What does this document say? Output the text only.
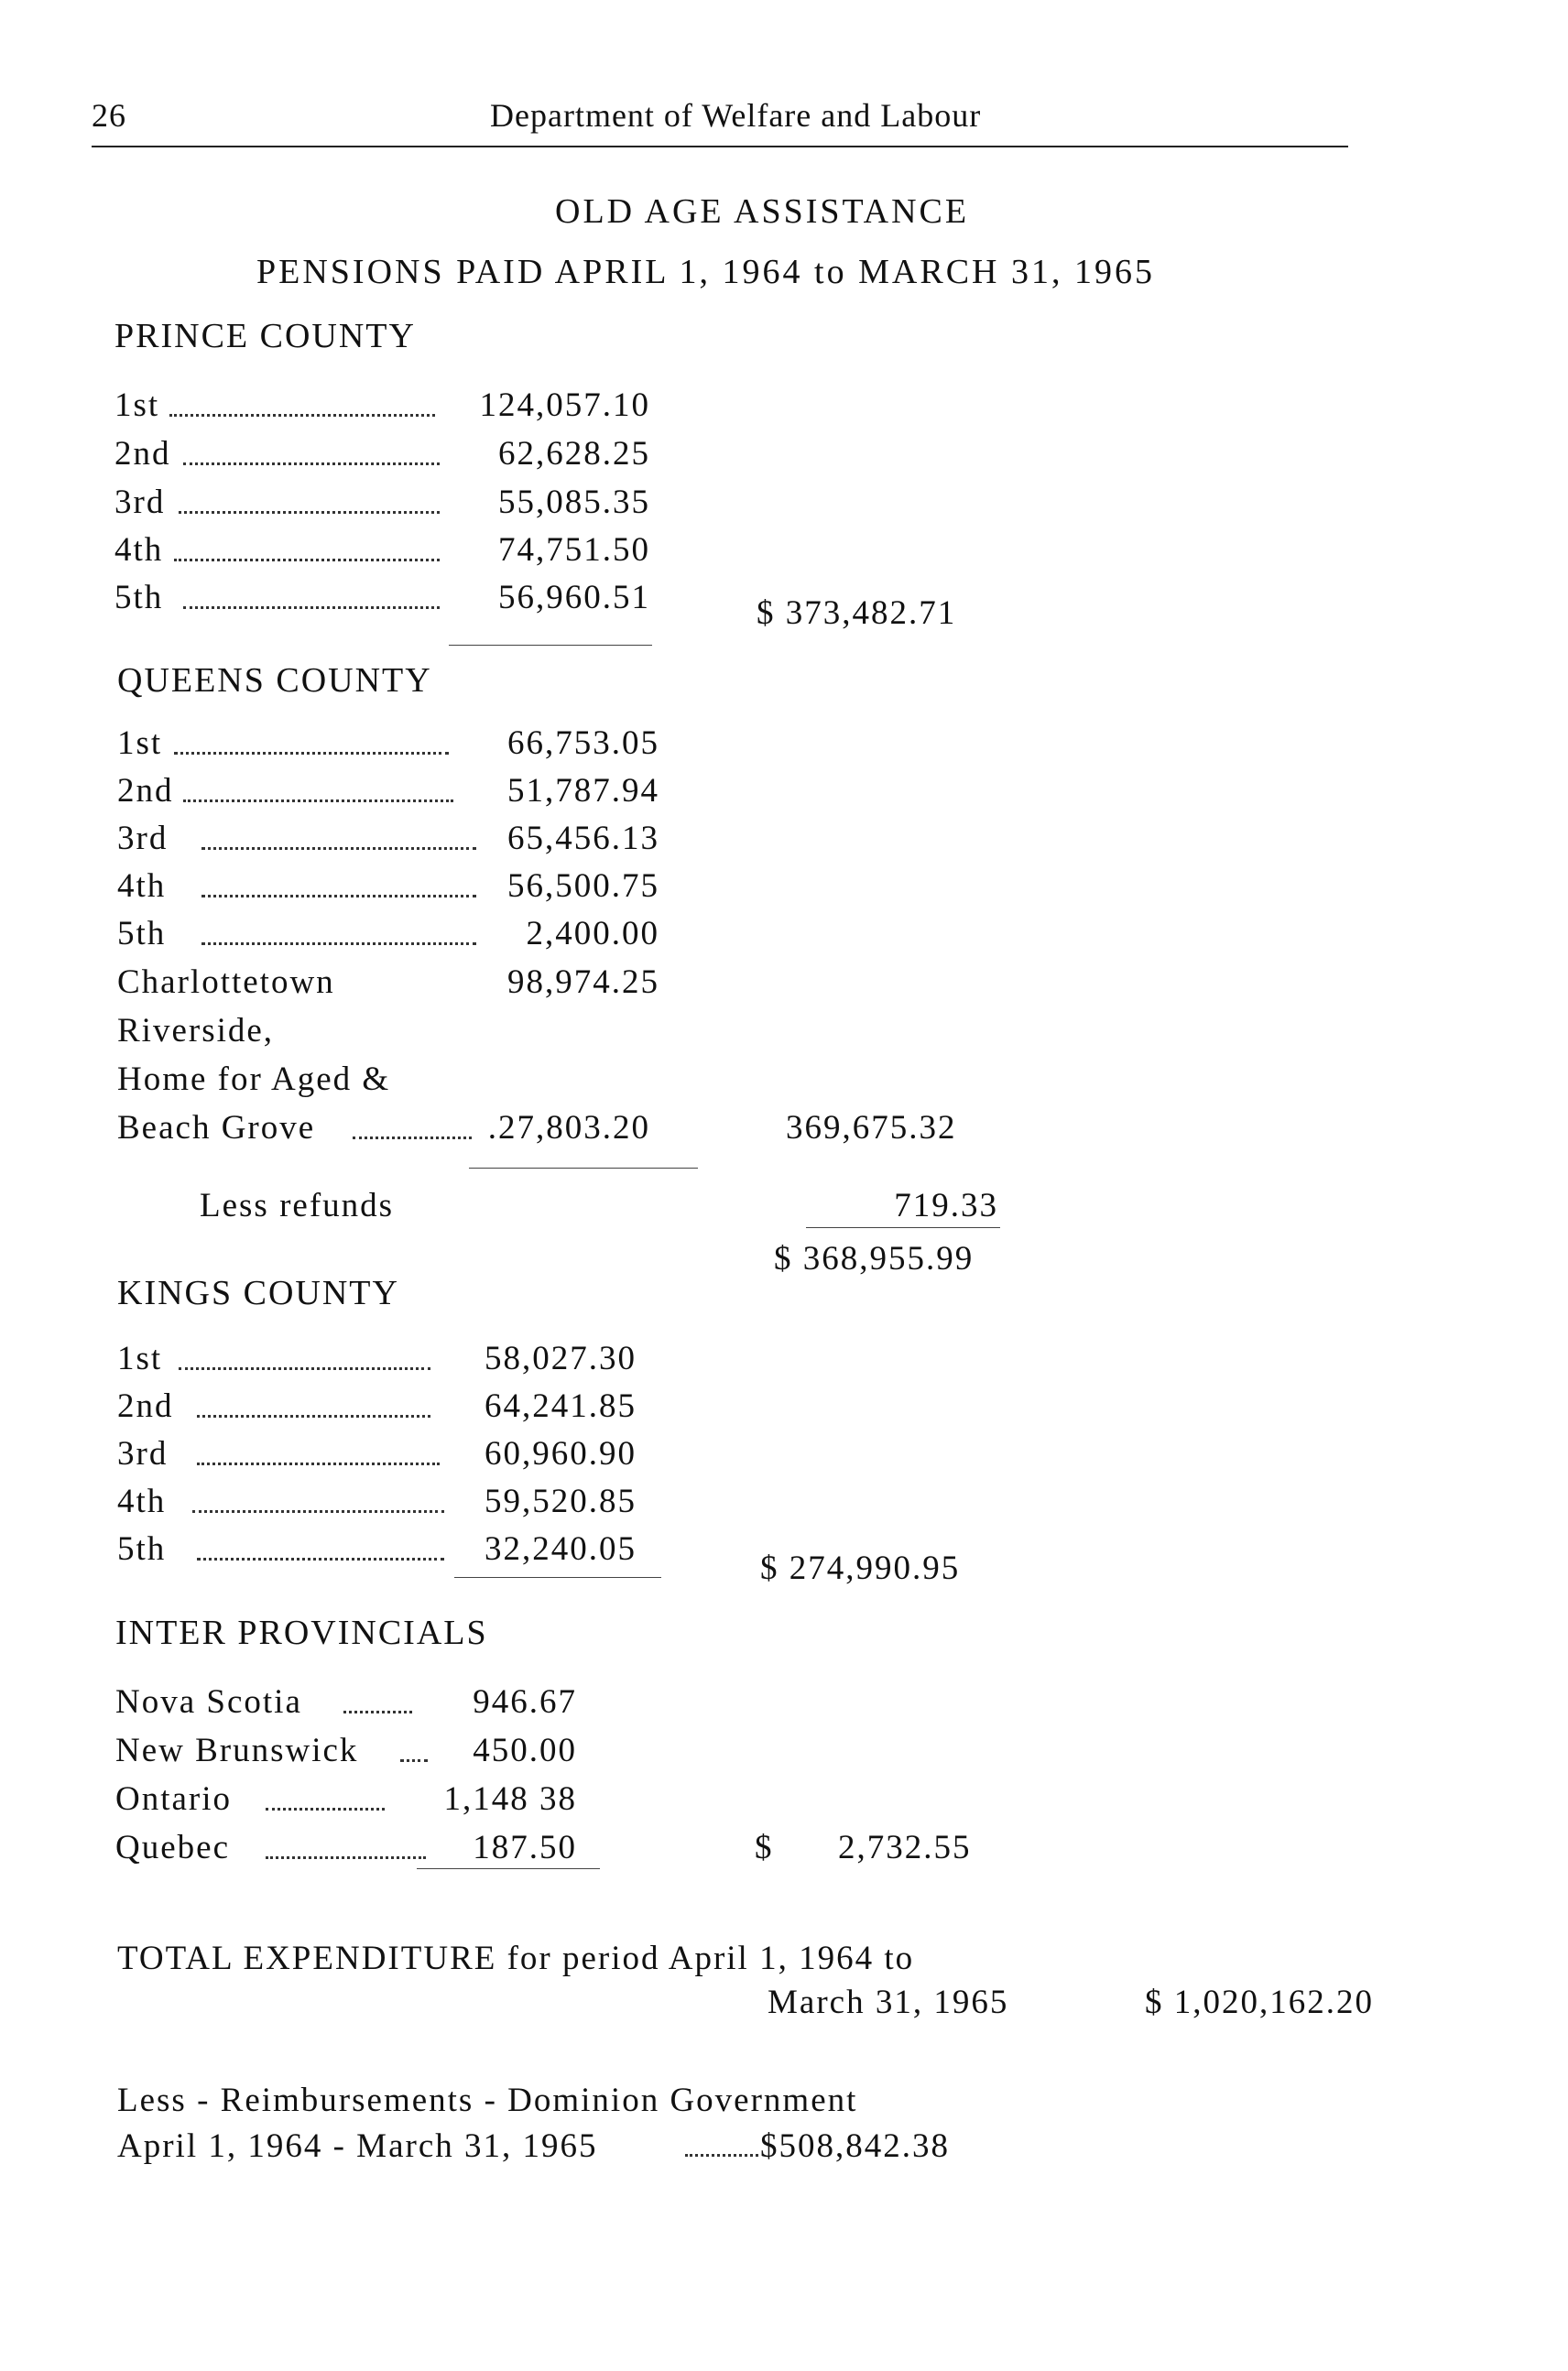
26	Department of Welfare and Labour
OLD AGE ASSISTANCE
PENSIONS PAID APRIL 1, 1964 to MARCH 31, 1965
PRINCE COUNTY
1st	124,057.10
2nd	62,628.25
3rd	55,085.35
4th	74,751.50
5th	56,960.51	$ 373,482.71
QUEENS COUNTY
1st	66,753.05
2nd	51,787.94
3rd	65,456.13
4th	56,500.75
5th	2,400.00
Charlottetown	98,974.25
Riverside,
Home for Aged &
Beach Grove	.27,803.20	369,675.32
Less refunds	719.33
$ 368,955.99
KINGS COUNTY
1st	58,027.30
2nd	64,241.85
3rd	60,960.90
4th	59,520.85
5th	32,240.05
$ 274,990.95
INTER PROVINCIALS
Nova Scotia	946.67
New Brunswick	450.00
Ontario	1,148 38
Quebec	187.50	$ 2,732.55
TOTAL EXPENDITURE for period April 1, 1964 to
March 31, 1965	$ 1,020,162.20
Less - Reimbursements - Dominion Government
April 1, 1964 - March 31, 1965	$508,842.38
